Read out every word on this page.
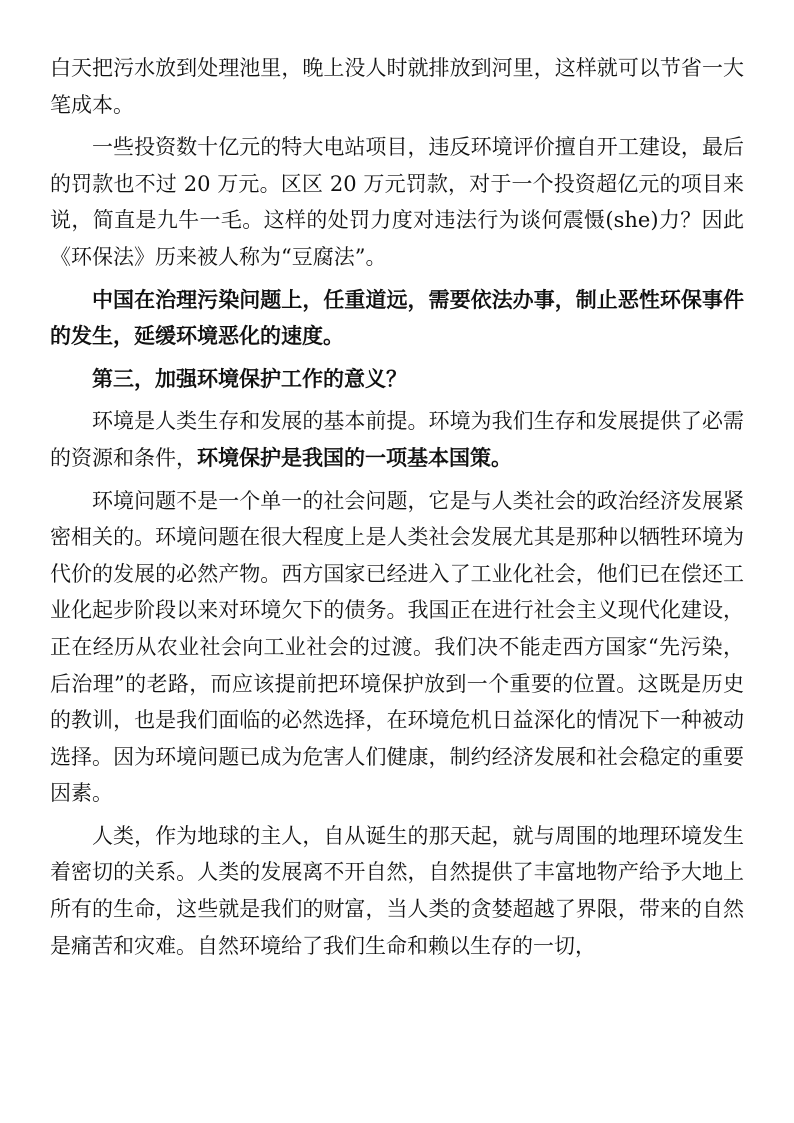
白天把污水放到处理池里，晚上没人时就排放到河里，这样就可以节省一大笔成本。

一些投资数十亿元的特大电站项目，违反环境评价擅自开工建设，最后的罚款也不过 20 万元。区区 20 万元罚款，对于一个投资超亿元的项目来说，简直是九牛一毛。这样的处罚力度对违法行为谈何震慑(she)力？因此《环保法》历来被人称为“豆腐法”。

中国在治理污染问题上，任重道远，需要依法办事，制止恶性环保事件的发生，延缓环境恶化的速度。

第三，加强环境保护工作的意义？

环境是人类生存和发展的基本前提。环境为我们生存和发展提供了必需的资源和条件，环境保护是我国的一项基本国策。

环境问题不是一个单一的社会问题，它是与人类社会的政治经济发展紧密相关的。环境问题在很大程度上是人类社会发展尤其是那种以牺牲环境为代价的发展的必然产物。西方国家已经进入了工业化社会，他们已在偿还工业化起步阶段以来对环境欠下的债务。我国正在进行社会主义现代化建设，正在经历从农业社会向工业社会的过渡。我们决不能走西方国家“先污染，后治理”的老路，而应该提前把环境保护放到一个重要的位置。这既是历史的教训，也是我们面临的必然选择，在环境危机日益深化的情况下一种被动选择。因为环境问题已成为危害人们健康，制约经济发展和社会稳定的重要因素。

人类，作为地球的主人，自从诞生的那天起，就与周围的地理环境发生着密切的关系。人类的发展离不开自然，自然提供了丰富地物产给予大地上所有的生命，这些就是我们的财富，当人类的贪婪超越了界限，带来的自然是痛苦和灾难。自然环境给了我们生命和赖以生存的一切，
